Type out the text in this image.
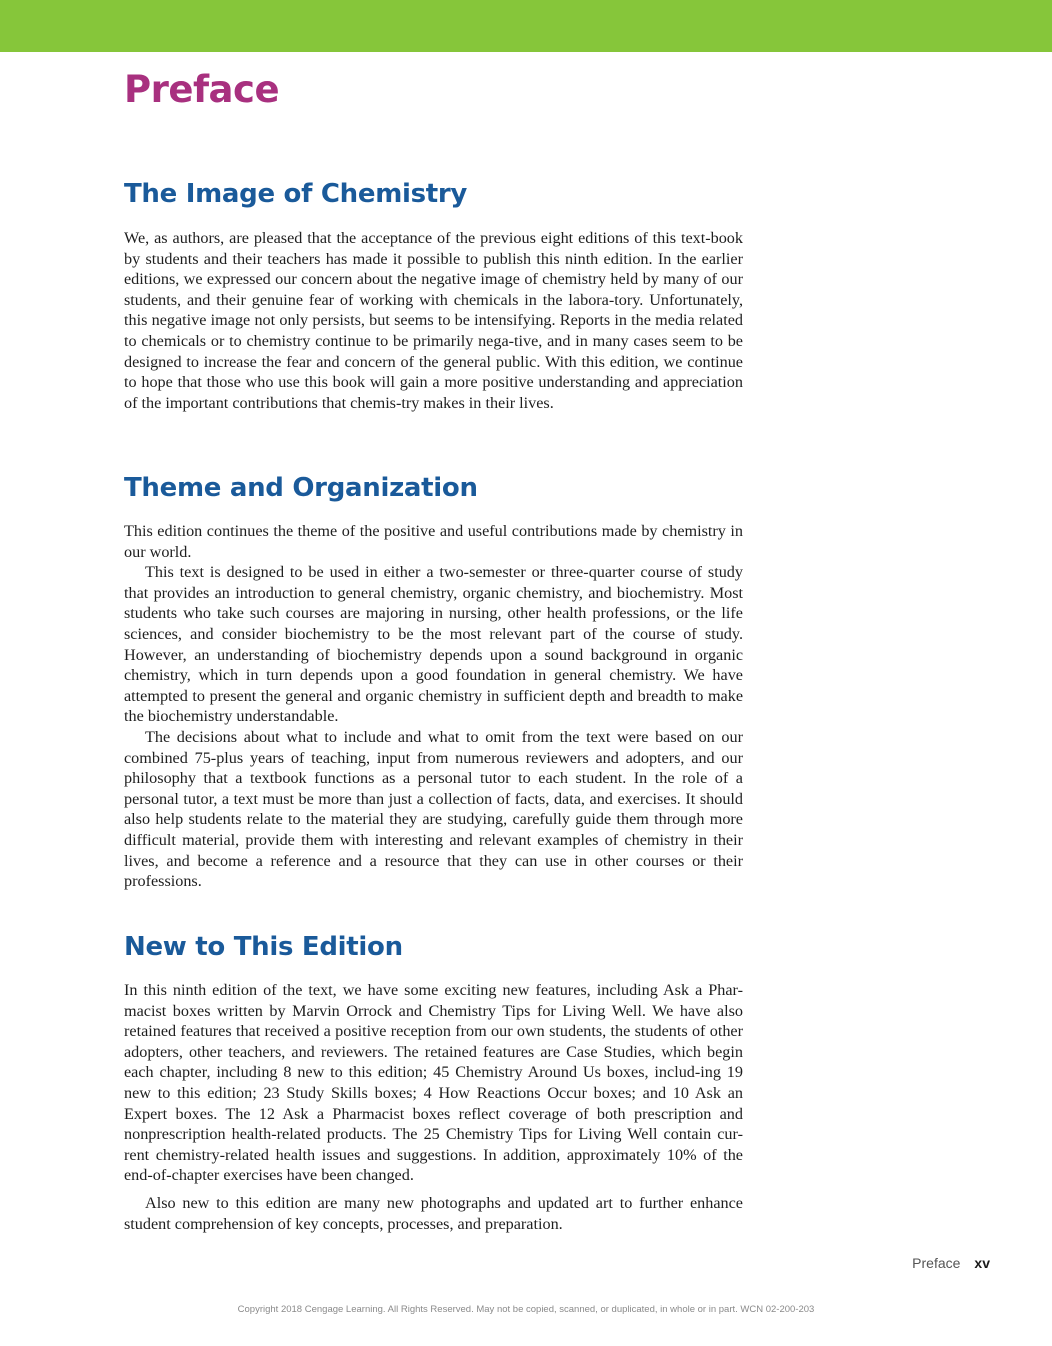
Preface
The Image of Chemistry

We, as authors, are pleased that the acceptance of the previous eight editions of this text-book by students and their teachers has made it possible to publish this ninth edition. In the earlier editions, we expressed our concern about the negative image of chemistry held by many of our students, and their genuine fear of working with chemicals in the labora-tory. Unfortunately, this negative image not only persists, but seems to be intensifying. Reports in the media related to chemicals or to chemistry continue to be primarily nega-tive, and in many cases seem to be designed to increase the fear and concern of the general public. With this edition, we continue to hope that those who use this book will gain a more positive understanding and appreciation of the important contributions that chemis-try makes in their lives.

Theme and Organization

This edition continues the theme of the positive and useful contributions made by chemistry in our world.

This text is designed to be used in either a two-semester or three-quarter course of study that provides an introduction to general chemistry, organic chemistry, and biochemistry. Most students who take such courses are majoring in nursing, other health professions, or the life sciences, and consider biochemistry to be the most relevant part of the course of study. However, an understanding of biochemistry depends upon a sound background in organic chemistry, which in turn depends upon a good foundation in general chemistry. We have attempted to present the general and organic chemistry in sufficient depth and breadth to make the biochemistry understandable.

The decisions about what to include and what to omit from the text were based on our combined 75-plus years of teaching, input from numerous reviewers and adopters, and our philosophy that a textbook functions as a personal tutor to each student. In the role of a personal tutor, a text must be more than just a collection of facts, data, and exercises. It should also help students relate to the material they are studying, carefully guide them through more difficult material, provide them with interesting and relevant examples of chemistry in their lives, and become a reference and a resource that they can use in other courses or their professions.

New to This Edition

In this ninth edition of the text, we have some exciting new features, including Ask a Phar-macist boxes written by Marvin Orrock and Chemistry Tips for Living Well. We have also retained features that received a positive reception from our own students, the students of other adopters, other teachers, and reviewers. The retained features are Case Studies, which begin each chapter, including 8 new to this edition; 45 Chemistry Around Us boxes, includ-ing 19 new to this edition; 23 Study Skills boxes; 4 How Reactions Occur boxes; and 10 Ask an Expert boxes. The 12 Ask a Pharmacist boxes reflect coverage of both prescription and nonprescription health-related products. The 25 Chemistry Tips for Living Well contain cur-rent chemistry-related health issues and suggestions. In addition, approximately 10% of the end-of-chapter exercises have been changed.

Also new to this edition are many new photographs and updated art to further enhance student comprehension of key concepts, processes, and preparation.

Preface xv
Copyright 2018 Cengage Learning. All Rights Reserved. May not be copied, scanned, or duplicated, in whole or in part. WCN 02-200-203
